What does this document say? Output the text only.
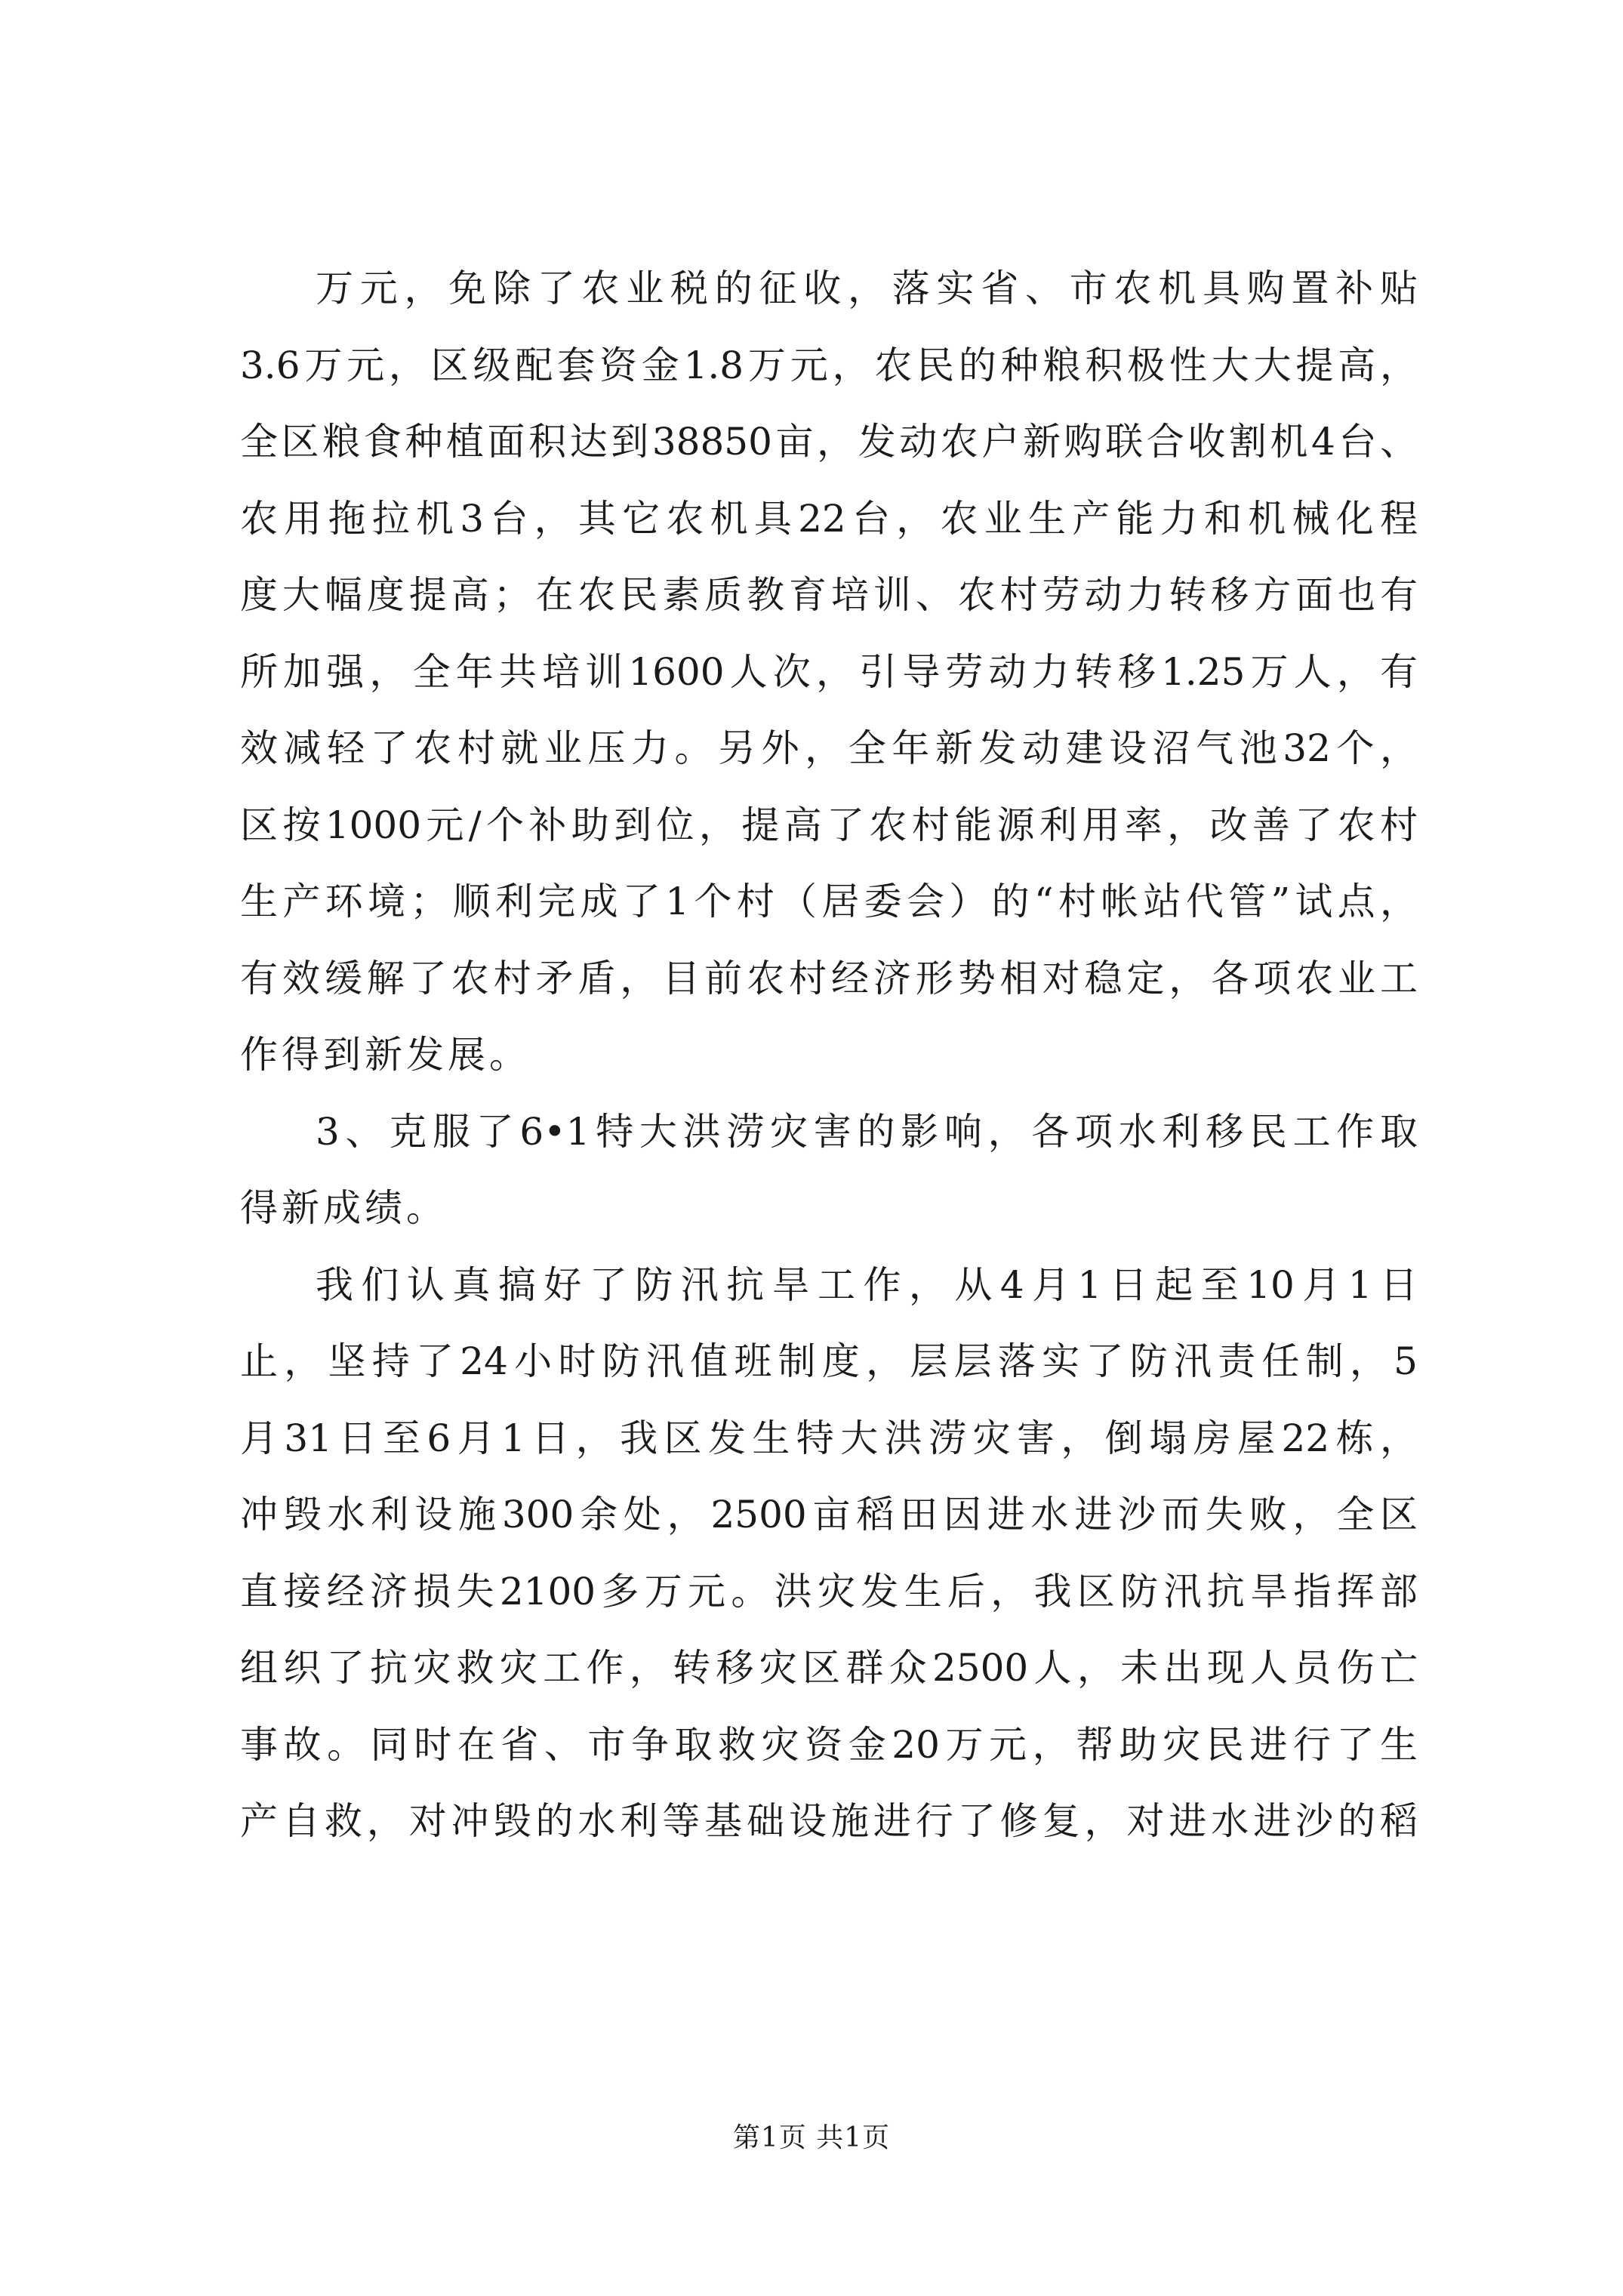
万元，免除了农业税的征收，落实省、市农机具购置补贴
3.6万元，区级配套资金1.8万元，农民的种粮积极性大大提高，
全区粮食种植面积达到38850亩，发动农户新购联合收割机4台、
农用拖拉机3台，其它农机具22台，农业生产能力和机械化程
度大幅度提高；在农民素质教育培训、农村劳动力转移方面也有
所加强，全年共培训1600人次，引导劳动力转移1.25万人，有
效减轻了农村就业压力。另外，全年新发动建设沼气池32个，
区按1000元/个补助到位，提高了农村能源利用率，改善了农村
生产环境；顺利完成了1个村（居委会）的“村帐站代管”试点，
有效缓解了农村矛盾，目前农村经济形势相对稳定，各项农业工
作得到新发展。
3、克服了6•1特大洪涝灾害的影响，各项水利移民工作取
得新成绩。
我们认真搞好了防汛抗旱工作，从4月1日起至10月1日
止，坚持了24小时防汛值班制度，层层落实了防汛责任制，5
月31日至6月1日，我区发生特大洪涝灾害，倒塌房屋22栋，
冲毁水利设施300余处，2500亩稻田因进水进沙而失败，全区
直接经济损失2100多万元。洪灾发生后，我区防汛抗旱指挥部
组织了抗灾救灾工作，转移灾区群众2500人，未出现人员伤亡
事故。同时在省、市争取救灾资金20万元，帮助灾民进行了生
产自救，对冲毁的水利等基础设施进行了修复，对进水进沙的稻
第1页 共1页
